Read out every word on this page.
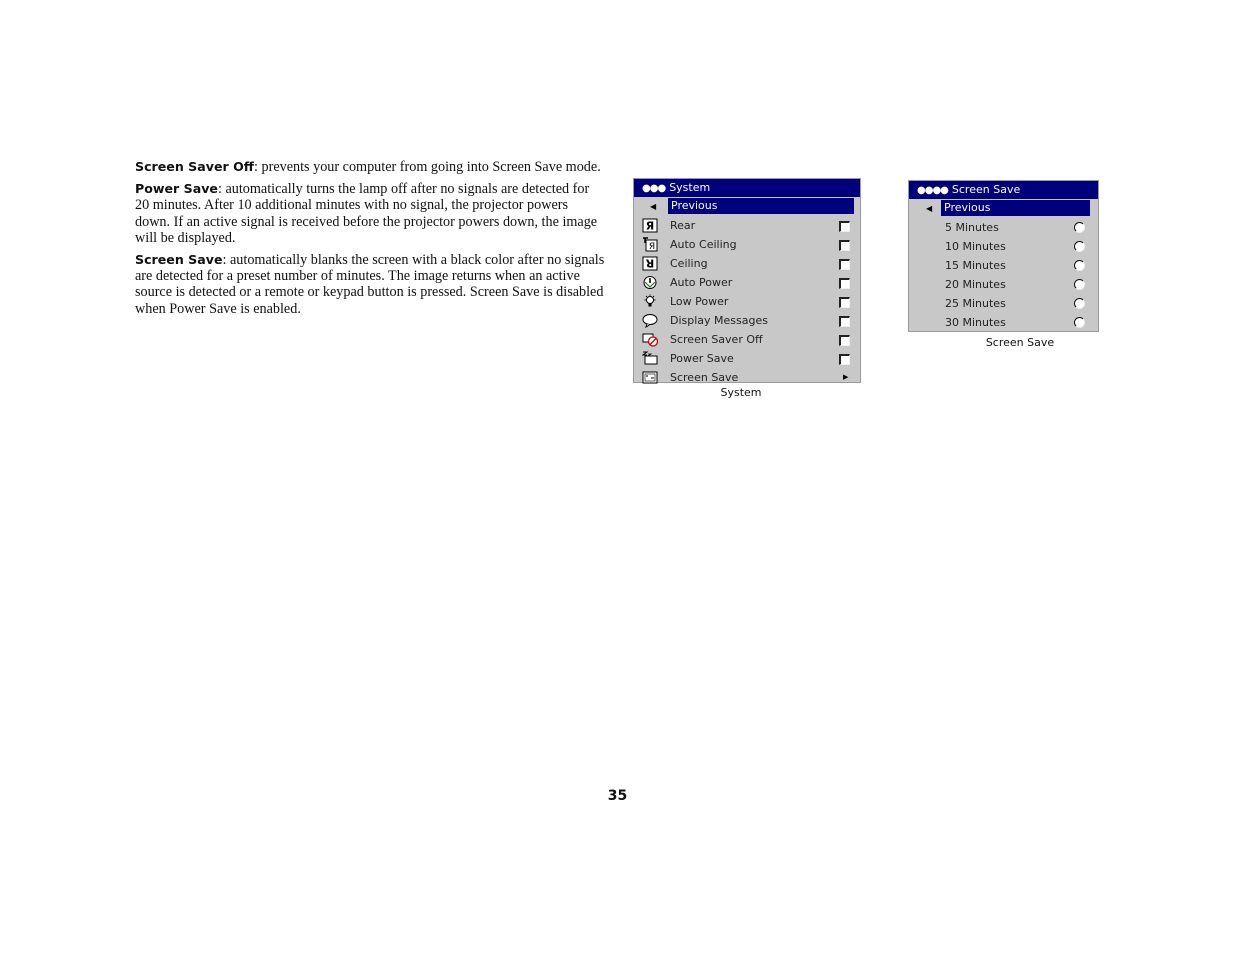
Screen Saver Off: prevents your computer from going into Screen Save mode.

Power Save: automatically turns the lamp off after no signals are detected for 20 minutes. After 10 additional minutes with no signal, the projector powers down. If an active signal is received before the projector powers down, the image will be displayed.

Screen Save: automatically blanks the screen with a black color after no signals are detected for a preset number of minutes. The image returns when an active source is detected or a remote or keypad button is pressed. Screen Save is disabled when Power Save is enabled.

●●● System
◀ Previous
Я Rear
Я Auto Ceiling
R Ceiling
Auto Power
Low Power
Display Messages
Screen Saver Off
Power Save
Screen Save	▶
System
●●●● Screen Save
◀ Previous
5 Minutes
10 Minutes
15 Minutes
20 Minutes
25 Minutes
30 Minutes
Screen Save
35
